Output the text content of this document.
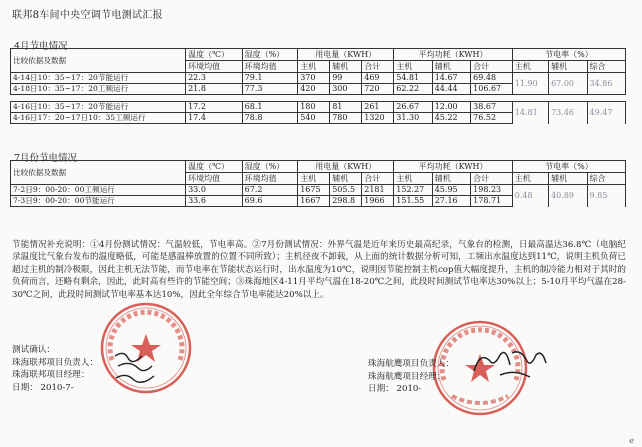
联邦8车间中央空调节电测试汇报
4月节电情况
比较依据及数据	温度（℃）	湿度（%）	用电量（KWH）			平均功耗（KWH）			节电率（%）		
	环境均值	环境均值	主机	辅机	合计	主机	辅机	合计	主机	辅机	综合
4-14日10：35~17：20节能运行	22.3	79.1	370	99	469	54.81	14.67	69.48	11.90	67.00	34.86
4-18日10：35~17：20工频运行	21.8	77.3	420	300	720	62.22	44.44	106.67			

4-16日10：35~17：20节能运行	17.2	68.1	180	81	261	26.67	12.00	38.67	14.81	73.46	49.47
4-16日17：20~17日10：35工频运行	17.4	78.8	540	780	1320	31.30	45.22	76.52			
7月份节电情况
比较依据及数据	温度（℃）	湿度（%）	用电量（KWH）			平均功耗（KWH）			节电率（%）		
	环境均值	环境均值	主机	辅机	合计	主机	辅机	合计	主机	辅机	综合
7-2日9：00-20：00工频运行	33.0	67.2	1675	505.5	2181	152.27	45.95	198.23	0.48	40.89	9.85
7-3日9：00-20：00节能运行	33.6	69.6	1667	298.8	1966	151.55	27.16	178.71			
节能情况补充说明：①4月份测试情况：气温较低，节电率高。②7月份测试情况：外界气温是近年来历史最高纪录，气象台的检测，日最高温达36.8℃（电脑纪录温度比气象台发布的温度略低，可能是感温棒放置的位置不同所致）；主机径夜不卸载，从上面的统计数据分析可知，工频出水温度达到11℃，说明主机负荷已超过主机的制冷极限，因此主机无法节能，而节电率在节能状态运行时，出水温度为10℃，说明因节能控制主机cop值大幅度提升，主机的制冷能力相对于其时的负荷而言，还略有剩余，因此，此时高有些许的节能空间；③珠海地区4-11月平均气温在18-20℃之间，此段时间测试节电率达30%以上；5-10月平均气温在28-30℃之间，此段时间测试节电率基本达10%，因此全年综合节电率能达20%以上。
测试确认：
珠海联邦项目负责人：
珠海联邦项目经理：
日期： 2010-7-
珠海航鹰项目负责人：
珠海航鹰项目经理：
日期： 2010-
ℯ
